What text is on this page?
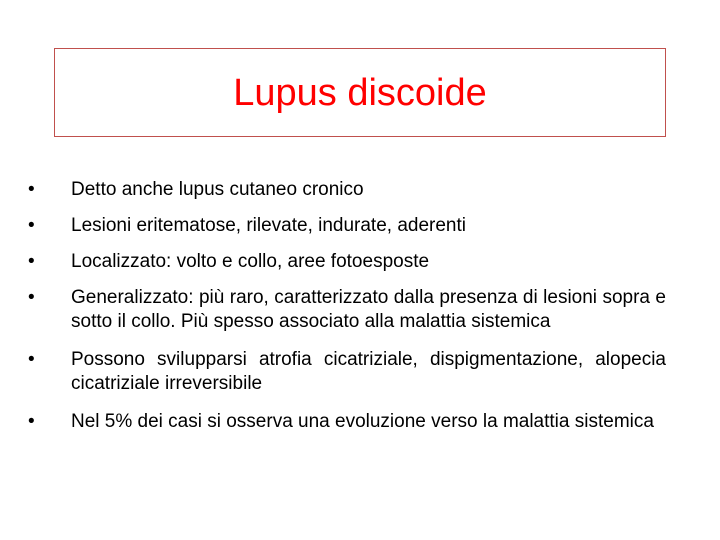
Lupus discoide
•	Detto anche lupus cutaneo cronico
•	Lesioni eritematose, rilevate, indurate, aderenti
•	Localizzato: volto e collo, aree fotoesposte
•	Generalizzato: più raro, caratterizzato dalla presenza di lesioni sopra e sotto il collo. Più spesso associato alla malattia sistemica
•	Possono svilupparsi atrofia cicatriziale, dispigmentazione, alopecia cicatriziale irreversibile
•	Nel 5% dei casi si osserva una evoluzione verso la malattia sistemica
